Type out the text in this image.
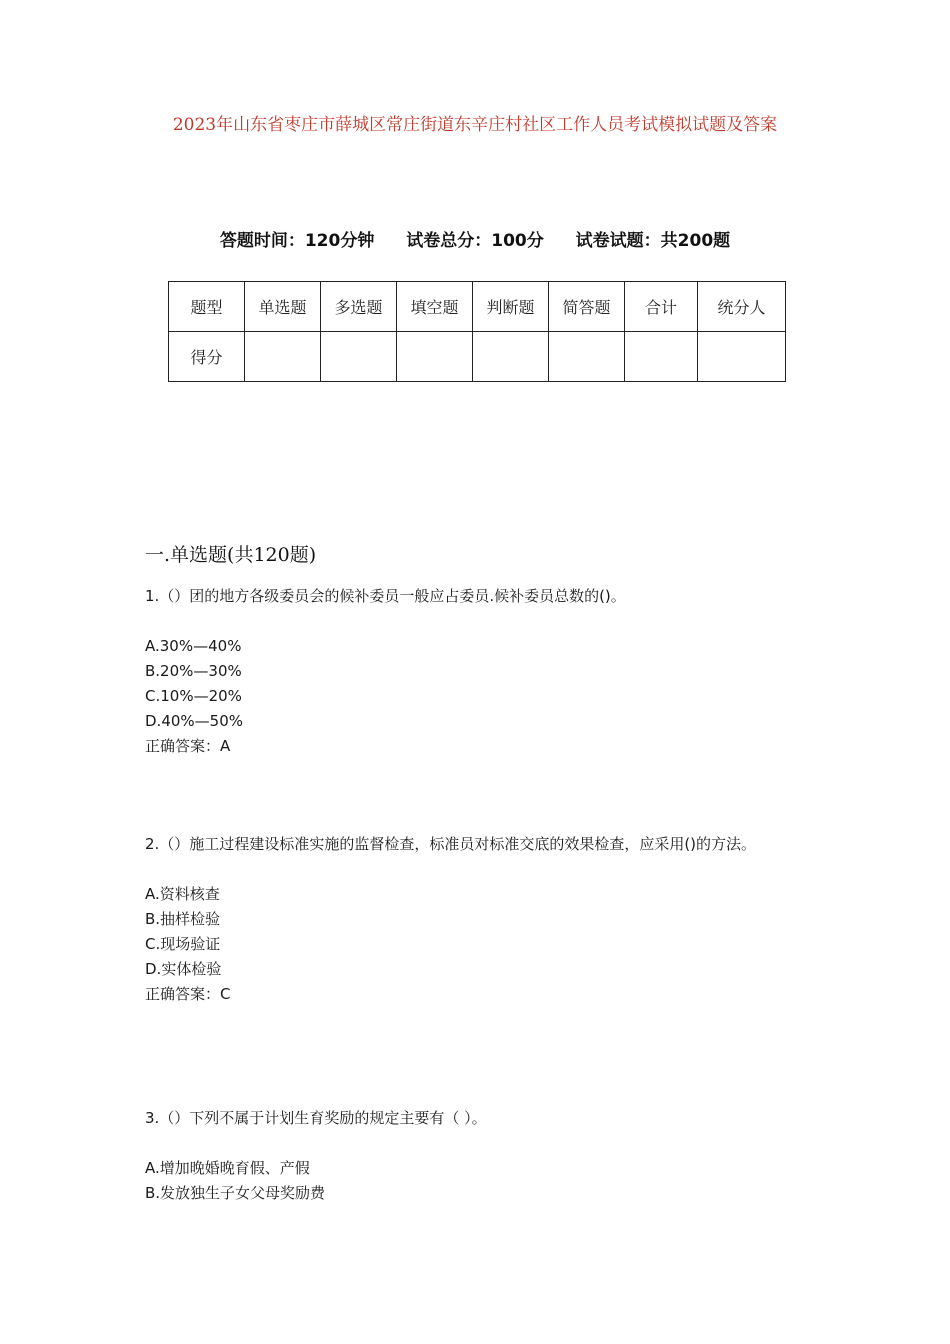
2023年山东省枣庄市薛城区常庄街道东辛庄村社区工作人员考试模拟试题及答案
答题时间：120分钟 试卷总分：100分 试卷试题：共200题
题型	单选题	多选题	填空题	判断题	简答题	合计	统分人
得分							
一.单选题(共120题)

1.（）团的地方各级委员会的候补委员一般应占委员.候补委员总数的()。

A.30%—40%

B.20%—30%

C.10%—20%

D.40%—50%

正确答案：A

2.（）施工过程建设标准实施的监督检查，标准员对标准交底的效果检查，应采用()的方法。

A.资料核查

B.抽样检验

C.现场验证

D.实体检验

正确答案：C

3.（）下列不属于计划生育奖励的规定主要有（ ）。

A.增加晚婚晚育假、产假

B.发放独生子女父母奖励费
